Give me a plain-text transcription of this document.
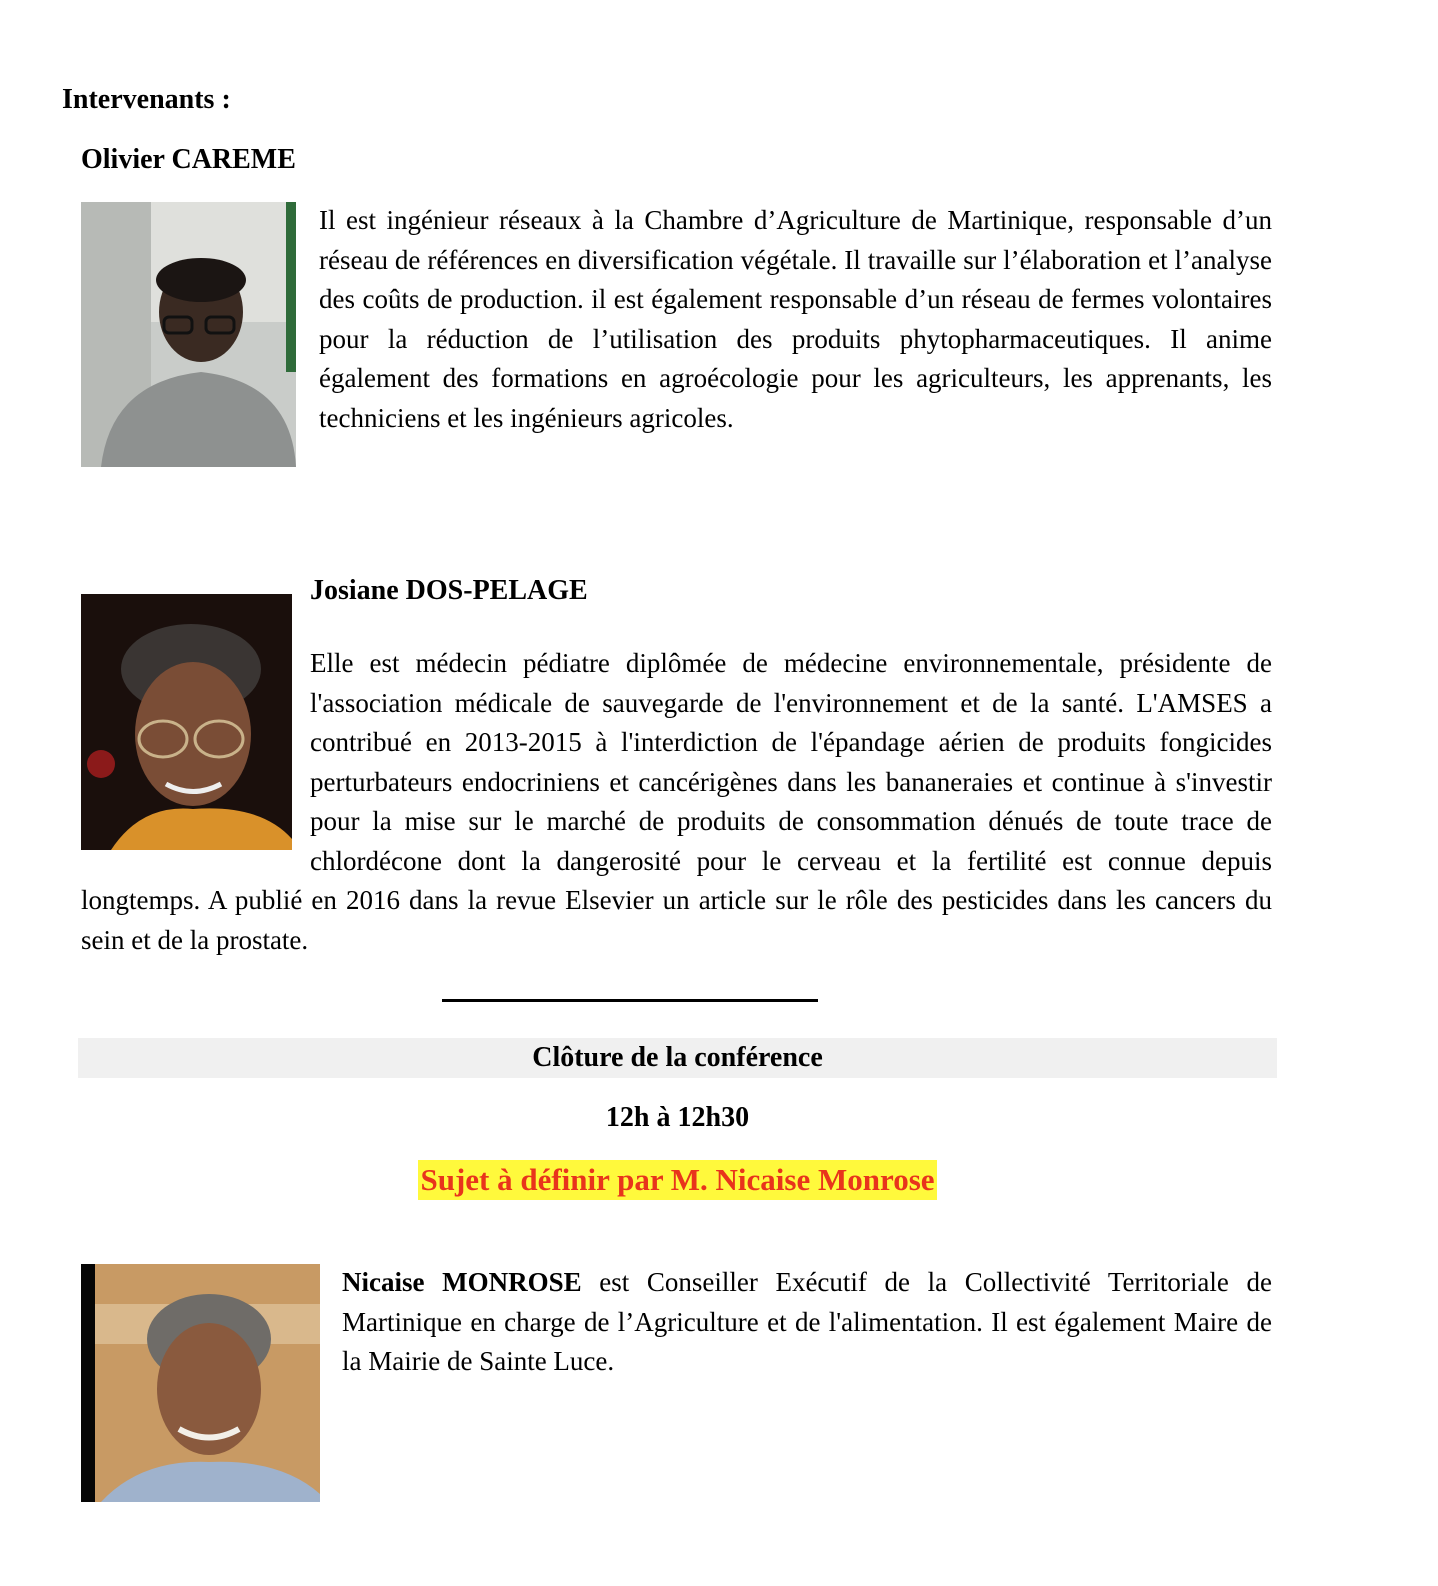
Intervenants :
Olivier CAREME
Il est ingénieur réseaux à la Chambre d’Agriculture de Martinique, responsable d’un réseau de références en diversification végétale. Il travaille sur l’élaboration et l’analyse des coûts de production. il est également responsable d’un réseau de fermes volontaires pour la réduction de l’utilisation des produits phytopharmaceutiques. Il anime également des formations en agroécologie pour les agriculteurs, les apprenants, les techniciens et les ingénieurs agricoles.
Josiane DOS-PELAGE
Elle est médecin pédiatre diplômée de médecine environnementale, présidente de l'association médicale de sauvegarde de l'environnement et de la santé. L'AMSES a contribué en 2013-2015 à l'interdiction de l'épandage aérien de produits fongicides perturbateurs endocriniens et cancérigènes dans les bananeraies et continue à s'investir pour la mise sur le marché de produits de consommation dénués de toute trace de chlordécone dont la dangerosité pour le cerveau et la fertilité est connue depuis longtemps. A publié en 2016 dans la revue Elsevier un article sur le rôle des pesticides dans les cancers du sein et de la prostate.
Clôture de la conférence
12h à 12h30
Sujet à définir par M. Nicaise Monrose
Nicaise MONROSE est Conseiller Exécutif de la Collectivité Territoriale de Martinique en charge de l’Agriculture et de l'alimentation. Il est également Maire de la Mairie de Sainte Luce.
